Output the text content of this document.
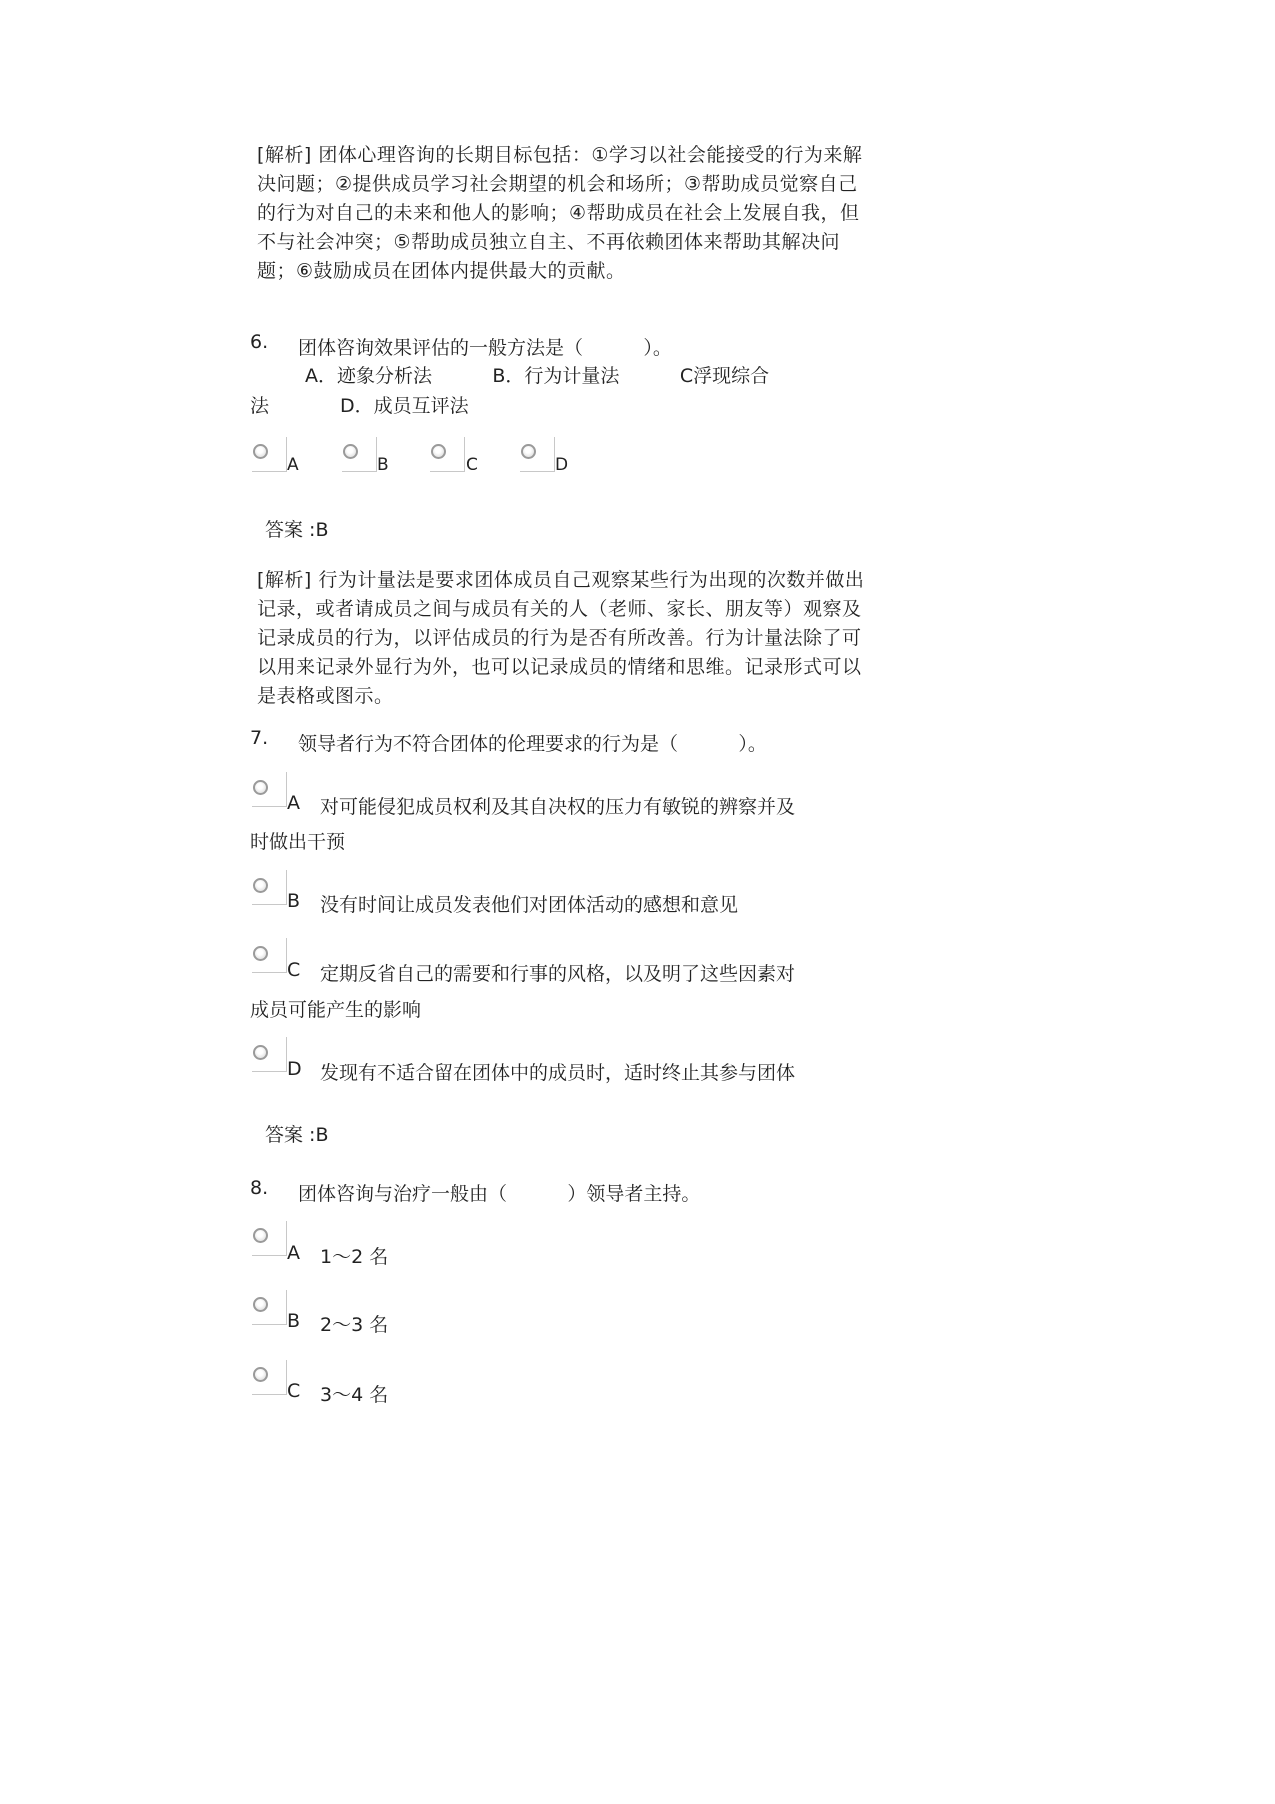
[解析] 团体心理咨询的长期目标包括：①学习以社会能接受的行为来解决问题；②提供成员学习社会期望的机会和场所；③帮助成员觉察自己的行为对自己的未来和他人的影响；④帮助成员在社会上发展自我，但不与社会冲突；⑤帮助成员独立自主、不再依赖团体来帮助其解决问题；⑥鼓励成员在团体内提供最大的贡献。
6. 团体咨询效果评估的一般方法是（          ）。
A．迹象分析法          B．行为计量法          C浮现综合
法	D．成员互评法
A	B	C	D
答案 :B
[解析] 行为计量法是要求团体成员自己观察某些行为出现的次数并做出记录，或者请成员之间与成员有关的人（老师、家长、朋友等）观察及记录成员的行为，以评估成员的行为是否有所改善。行为计量法除了可以用来记录外显行为外，也可以记录成员的情绪和思维。记录形式可以是表格或图示。
7. 领导者行为不符合团体的伦理要求的行为是（          ）。
A 对可能侵犯成员权利及其自决权的压力有敏锐的辨察并及
时做出干预
B 没有时间让成员发表他们对团体活动的感想和意见
C 定期反省自己的需要和行事的风格，以及明了这些因素对
成员可能产生的影响
D 发现有不适合留在团体中的成员时，适时终止其参与团体
答案 :B
8. 团体咨询与治疗一般由（          ）领导者主持。
A 1～2 名
B 2～3 名
C 3～4 名
